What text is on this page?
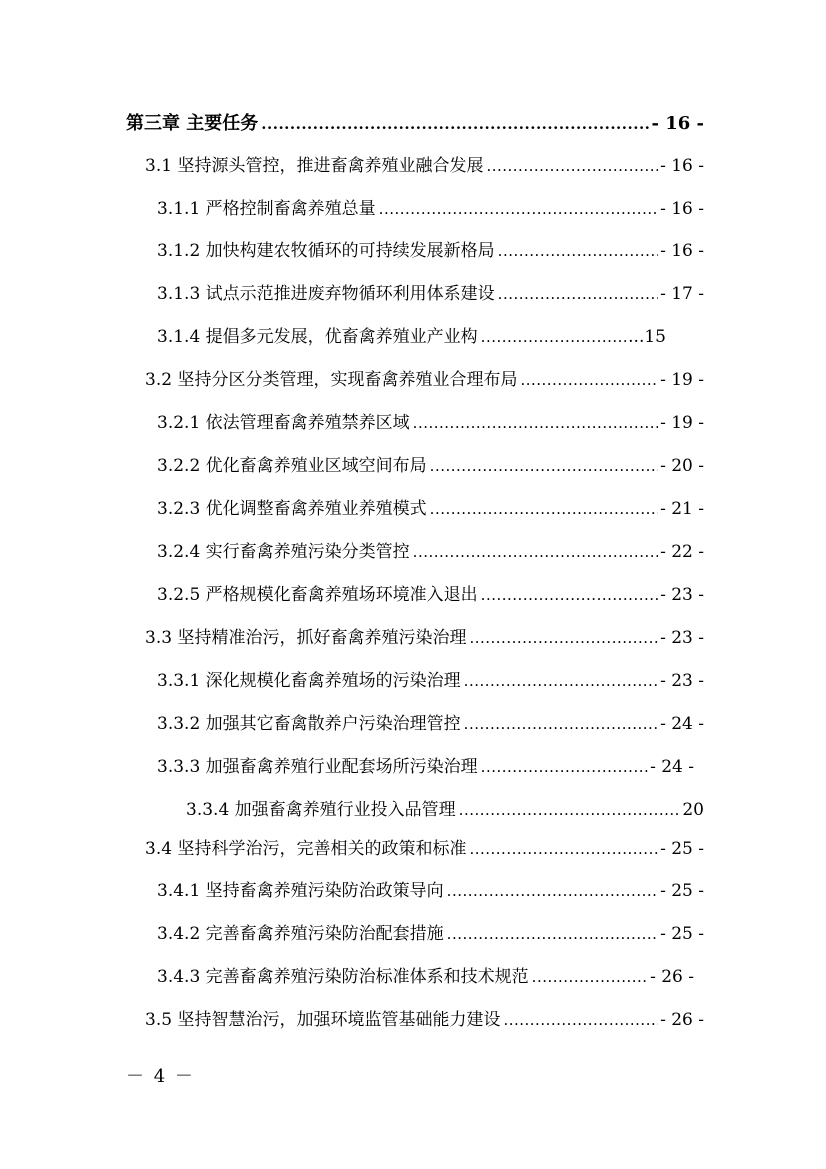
第三章 主要任务 .....	- 16 -
3.1 坚持源头管控，推进畜禽养殖业融合发展 .....	- 16 -
3.1.1 严格控制畜禽养殖总量 .....	- 16 -
3.1.2 加快构建农牧循环的可持续发展新格局 .....	- 16 -
3.1.3 试点示范推进废弃物循环利用体系建设 .....	- 17 -
3.1.4 提倡多元发展，优畜禽养殖业产业构 .....	...15
3.2 坚持分区分类管理，实现畜禽养殖业合理布局 .....	- 19 -
3.2.1 依法管理畜禽养殖禁养区域 .....	- 19 -
3.2.2 优化畜禽养殖业区域空间布局 .....	- 20 -
3.2.3 优化调整畜禽养殖业养殖模式 .....	- 21 -
3.2.4 实行畜禽养殖污染分类管控 .....	- 22 -
3.2.5 严格规模化畜禽养殖场环境准入退出 .....	- 23 -
3.3 坚持精准治污，抓好畜禽养殖污染治理 .....	- 23 -
3.3.1 深化规模化畜禽养殖场的污染治理 .....	- 23 -
3.3.2 加强其它畜禽散养户污染治理管控 .....	- 24 -
3.3.3 加强畜禽养殖行业配套场所污染治理 .....	- 24 -
3.3.4 加强畜禽养殖行业投入品管理 .....	20
3.4 坚持科学治污，完善相关的政策和标准 .....	- 25 -
3.4.1 坚持畜禽养殖污染防治政策导向 .....	- 25 -
3.4.2 完善畜禽养殖污染防治配套措施 .....	- 25 -
3.4.3 完善畜禽养殖污染防治标准体系和技术规范 .....	- 26 -
3.5 坚持智慧治污，加强环境监管基础能力建设 .....	- 26 -
－ 4 －
